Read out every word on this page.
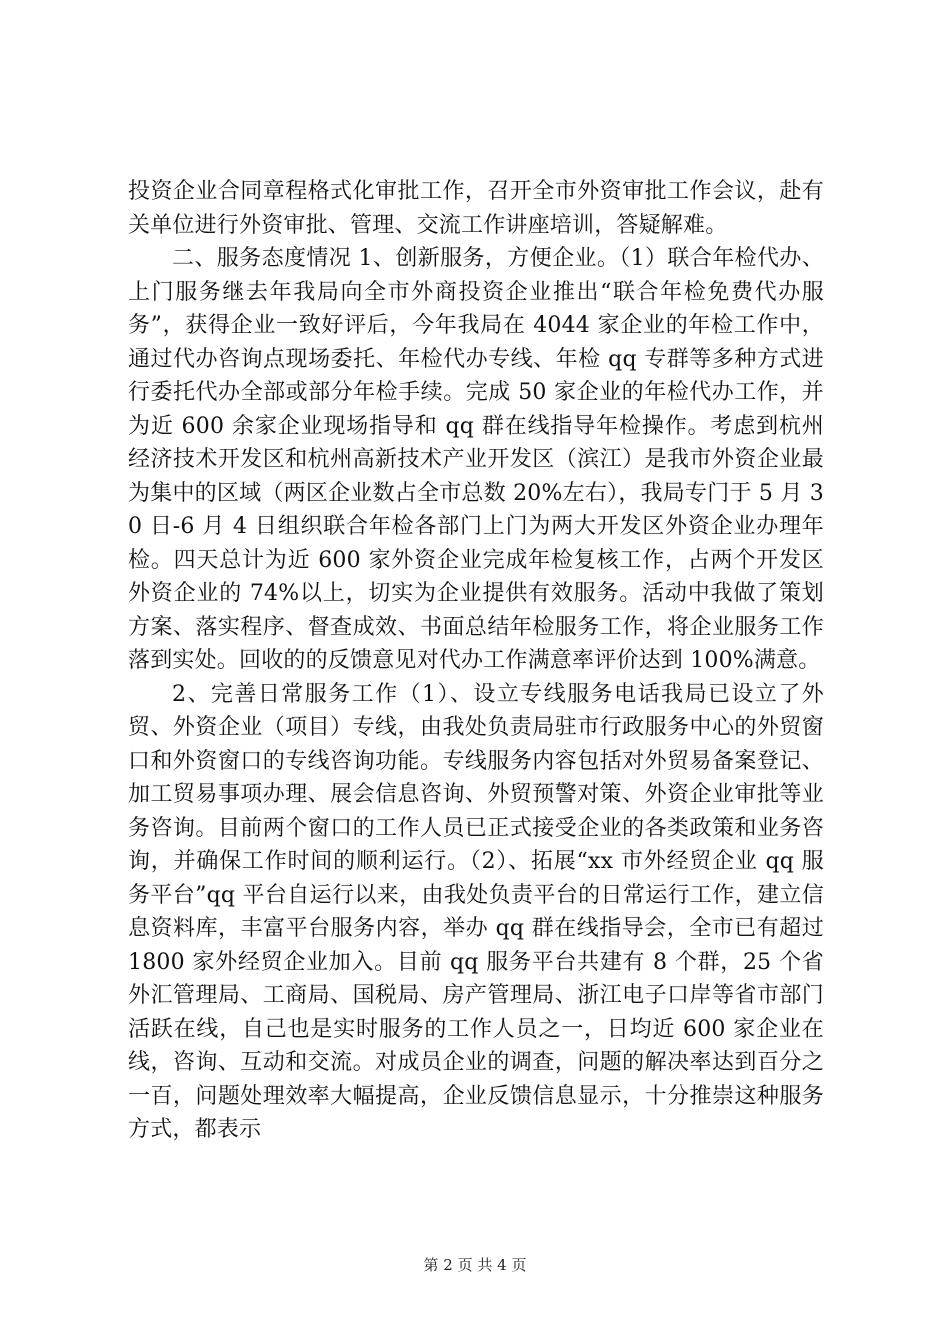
投资企业合同章程格式化审批工作，召开全市外资审批工作会议，赴有关单位进行外资审批、管理、交流工作讲座培训，答疑解难。

二、服务态度情况 1、创新服务，方便企业。（1）联合年检代办、上门服务继去年我局向全市外商投资企业推出“联合年检免费代办服务”，获得企业一致好评后，今年我局在 4044 家企业的年检工作中，通过代办咨询点现场委托、年检代办专线、年检 qq 专群等多种方式进行委托代办全部或部分年检手续。完成 50 家企业的年检代办工作，并为近 600 余家企业现场指导和 qq 群在线指导年检操作。考虑到杭州经济技术开发区和杭州高新技术产业开发区（滨江）是我市外资企业最为集中的区域（两区企业数占全市总数 20%左右），我局专门于 5 月 30 日-6 月 4 日组织联合年检各部门上门为两大开发区外资企业办理年检。四天总计为近 600 家外资企业完成年检复核工作，占两个开发区外资企业的 74%以上，切实为企业提供有效服务。活动中我做了策划方案、落实程序、督查成效、书面总结年检服务工作，将企业服务工作落到实处。回收的的反馈意见对代办工作满意率评价达到 100%满意。

2、完善日常服务工作（1）、设立专线服务电话我局已设立了外贸、外资企业（项目）专线，由我处负责局驻市行政服务中心的外贸窗口和外资窗口的专线咨询功能。专线服务内容包括对外贸易备案登记、加工贸易事项办理、展会信息咨询、外贸预警对策、外资企业审批等业务咨询。目前两个窗口的工作人员已正式接受企业的各类政策和业务咨询，并确保工作时间的顺利运行。（2）、拓展“xx 市外经贸企业 qq 服务平台”qq 平台自运行以来，由我处负责平台的日常运行工作，建立信息资料库，丰富平台服务内容，举办 qq 群在线指导会，全市已有超过 1800 家外经贸企业加入。目前 qq 服务平台共建有 8 个群，25 个省外汇管理局、工商局、国税局、房产管理局、浙江电子口岸等省市部门活跃在线，自己也是实时服务的工作人员之一，日均近 600 家企业在线，咨询、互动和交流。对成员企业的调查，问题的解决率达到百分之一百，问题处理效率大幅提高，企业反馈信息显示，十分推崇这种服务方式，都表示

第 2 页 共 4 页
